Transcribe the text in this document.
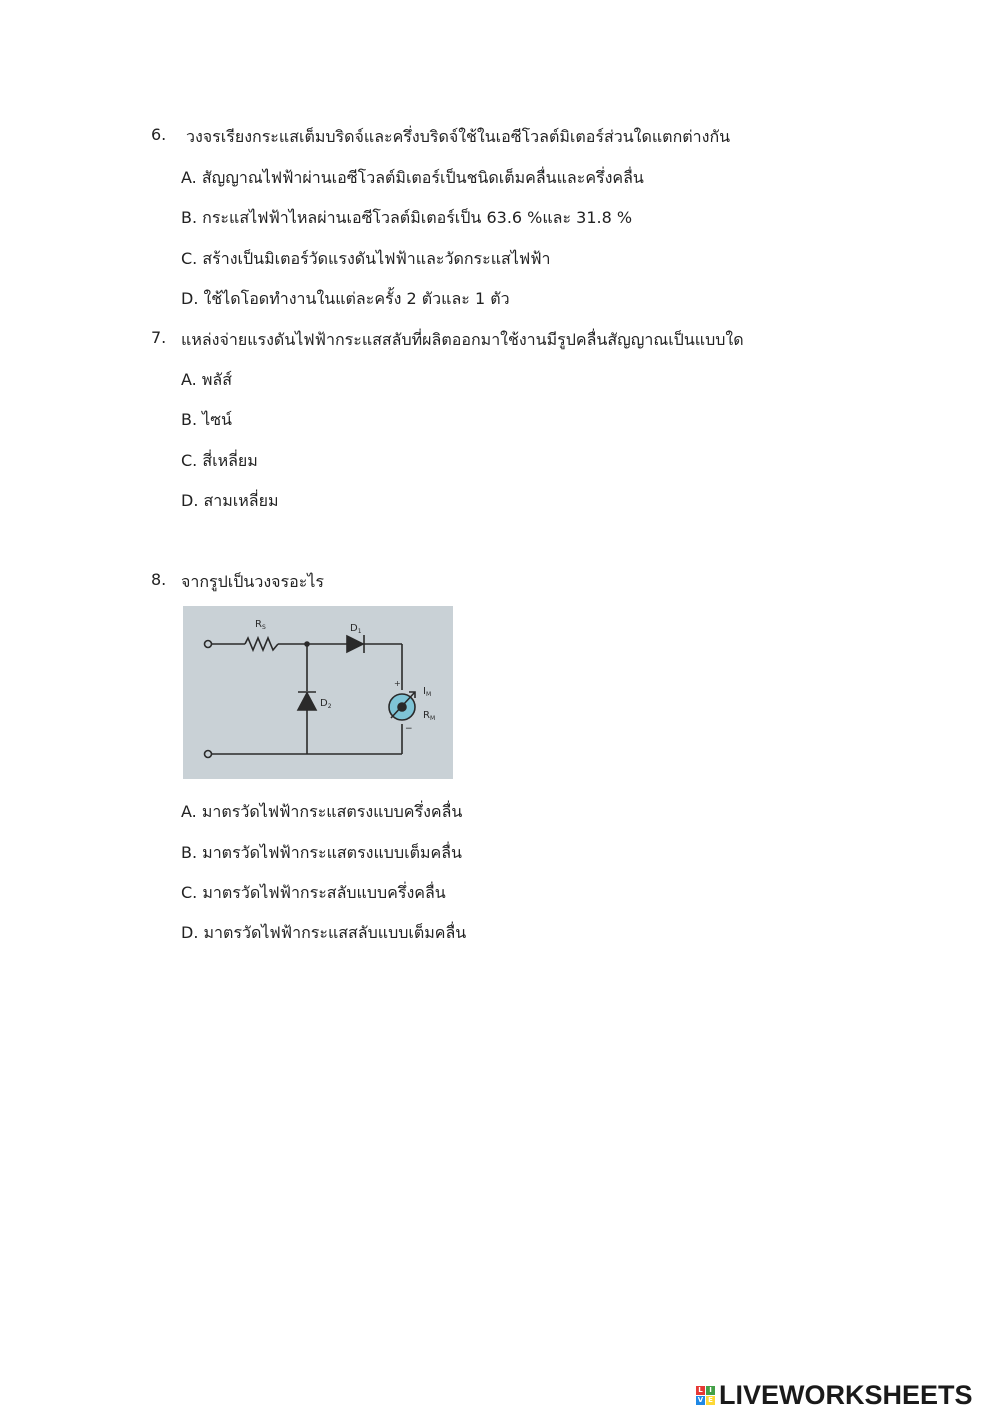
6. วงจรเรียงกระแสเต็มบริดจ์และครึ่งบริดจ์ใช้ในเอซีโวลต์มิเตอร์ส่วนใดแตกต่างกัน
A. สัญญาณไฟฟ้าผ่านเอซีโวลต์มิเตอร์เป็นชนิดเต็มคลื่นและครึ่งคลื่น
B. กระแสไฟฟ้าไหลผ่านเอซีโวลต์มิเตอร์เป็น 63.6 %และ 31.8 %
C. สร้างเป็นมิเตอร์วัดแรงดันไฟฟ้าและวัดกระแสไฟฟ้า
D. ใช้ไดโอดทำงานในแต่ละครั้ง 2 ตัวและ 1 ตัว
7. แหล่งจ่ายแรงดันไฟฟ้ากระแสสลับที่ผลิตออกมาใช้งานมีรูปคลื่นสัญญาณเป็นแบบใด
A. พลัส์
B. ไซน์
C. สี่เหลี่ยม
D. สามเหลี่ยม
8. จากรูปเป็นวงจรอะไร
$R_S$	$D_1$
$D_2$
$I_M$
$R_M$
+
−
A. มาตรวัดไฟฟ้ากระแสตรงแบบครึ่งคลื่น
B. มาตรวัดไฟฟ้ากระแสตรงแบบเต็มคลื่น
C. มาตรวัดไฟฟ้ากระสลับแบบครึ่งคลื่น
D. มาตรวัดไฟฟ้ากระแสสลับแบบเต็มคลื่น
L I
V E LIVEWORKSHEETS
